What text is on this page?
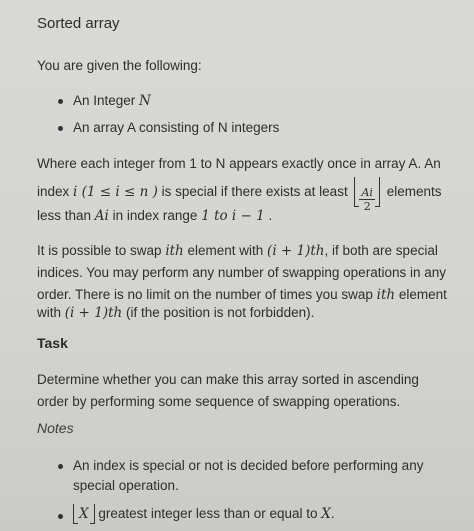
Sorted array
You are given the following:
An Integer N
An array A consisting of N integers
Where each integer from 1 to N appears exactly once in array A. An
index i (1 ≤ i ≤ n ) is special if there exists at least $\frac{Ai}{2}$ elements
less than Ai in index range 1 to i − 1 .
It is possible to swap ith element with (i + 1)th, if both are special
indices. You may perform any number of swapping operations in any
order. There is no limit on the number of times you swap ith element
with (i + 1)th (if the position is not forbidden).
Task
Determine whether you can make this array sorted in ascending
order by performing some sequence of swapping operations.
Notes
An index is special or not is decided before performing any
special operation.
X greatest integer less than or equal to X.
